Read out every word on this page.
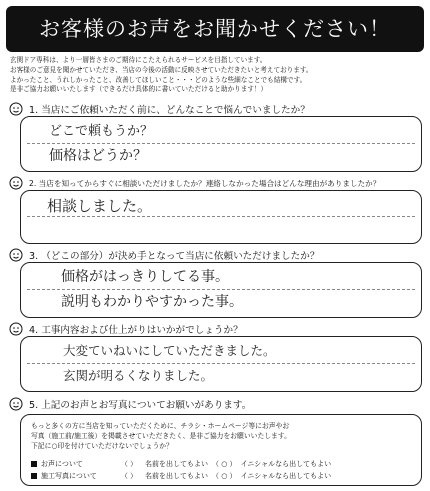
お客様のお声をお聞かせください！
玄関ドア専科は、より一層皆さまのご期待にこたえられるサービスを目指しています。
お客様のご意見を聞かせていただき、当店の今後の活動に反映させていただきたいと考えております。
よかったこと、うれしかったこと、改善してほしいこと・・・どのような些細なことでも結構です。
是非ご協力お願いいたします（できるだけ具体的に書いていただけると助かります！）
1. 当店にご依頼いただく前に、どんなことで悩んでいましたか？
どこで頼もうか？
価格はどうか？
2. 当店を知ってからすぐに相談いただけましたか？連絡しなかった場合はどんな理由がありましたか？
相談しました。
3. （どこの部分）が決め手となって当店に依頼いただけましたか？
価格がはっきりしてる事。
説明もわかりやすかった事。
4. 工事内容および仕上がりはいかがでしょうか？
大変ていねいにしていただきました。
玄関が明るくなりました。
5. 上記のお声とお写真についてお願いがあります。
もっと多くの方に当店を知っていただくために、チラシ・ホームページ等にお声やお
写真（施工前/施工後）を掲載させていただきたく、是非ご協力をお願いいたします。
下記に○印を付けていただけないでしょうか？
お声について	（ ）	名前を出してもよい （ ○ ） イニシャルなら出してもよい
施工写真について	（ ）	名前を出してもよい （ ○ ） イニシャルなら出してもよい
